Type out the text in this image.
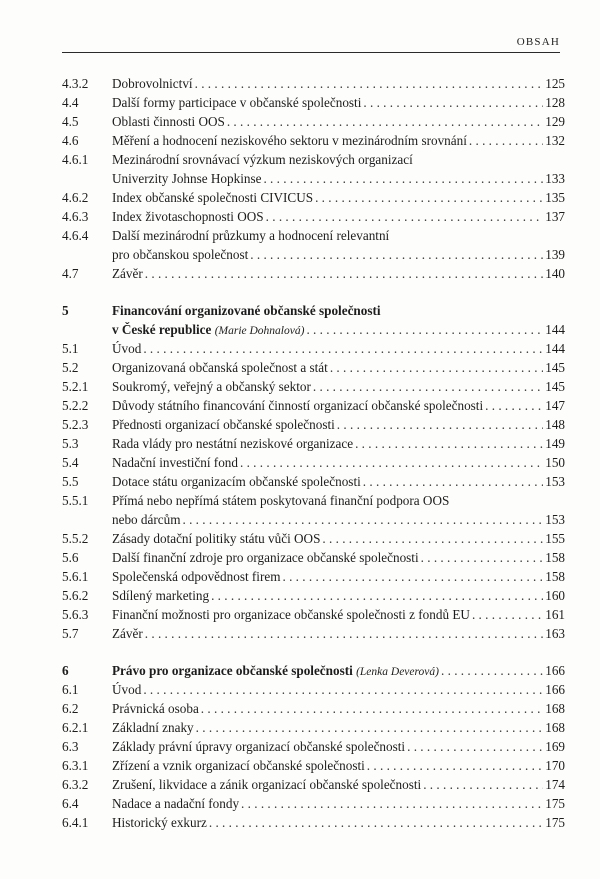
OBSAH
4.3.2	Dobrovolnictví . . .	125
4.4	Další formy participace v občanské společnosti . . .	128
4.5	Oblasti činnosti OOS . . .	129
4.6	Měření a hodnocení neziskového sektoru v mezinárodním srovnání . . .	132
4.6.1	Mezinárodní srovnávací výzkum neziskových organizací
Univerzity Johnse Hopkinse . . .	133
4.6.2	Index občanské společnosti CIVICUS . . .	135
4.6.3	Index životaschopnosti OOS . . .	137
4.6.4	Další mezinárodní průzkumy a hodnocení relevantní
pro občanskou společnost . . .	139
4.7	Závěr . . .	140
5	Financování organizované občanské společnosti
v České republice
(Marie Dohnalová) . . .	144
5.1	Úvod . . .	144
5.2	Organizovaná občanská společnost a stát . . .	145
5.2.1	Soukromý, veřejný a občanský sektor . . .	145
5.2.2	Důvody státního financování činností organizací občanské společnosti . . .	147
5.2.3	Přednosti organizací občanské společnosti . . .	148
5.3	Rada vlády pro nestátní neziskové organizace . . .	149
5.4	Nadační investiční fond . . .	150
5.5	Dotace státu organizacím občanské společnosti . . .	153
5.5.1	Přímá nebo nepřímá státem poskytovaná finanční podpora OOS
nebo dárcům . . .	153
5.5.2	Zásady dotační politiky státu vůči OOS . . .	155
5.6	Další finanční zdroje pro organizace občanské společnosti . . .	158
5.6.1	Společenská odpovědnost firem . . .	158
5.6.2	Sdílený marketing . . .	160
5.6.3	Finanční možnosti pro organizace občanské společnosti z fondů EU . . .	161
5.7	Závěr . . .	163
6	Právo pro organizace občanské společnosti
(Lenka Deverová) . . .	166
6.1	Úvod . . .	166
6.2	Právnická osoba . . .	168
6.2.1	Základní znaky . . .	168
6.3	Základy právní úpravy organizací občanské společnosti . . .	169
6.3.1	Zřízení a vznik organizací občanské společnosti . . .	170
6.3.2	Zrušení, likvidace a zánik organizací občanské společnosti . . .	174
6.4	Nadace a nadační fondy . . .	175
6.4.1	Historický exkurz . . .	175
